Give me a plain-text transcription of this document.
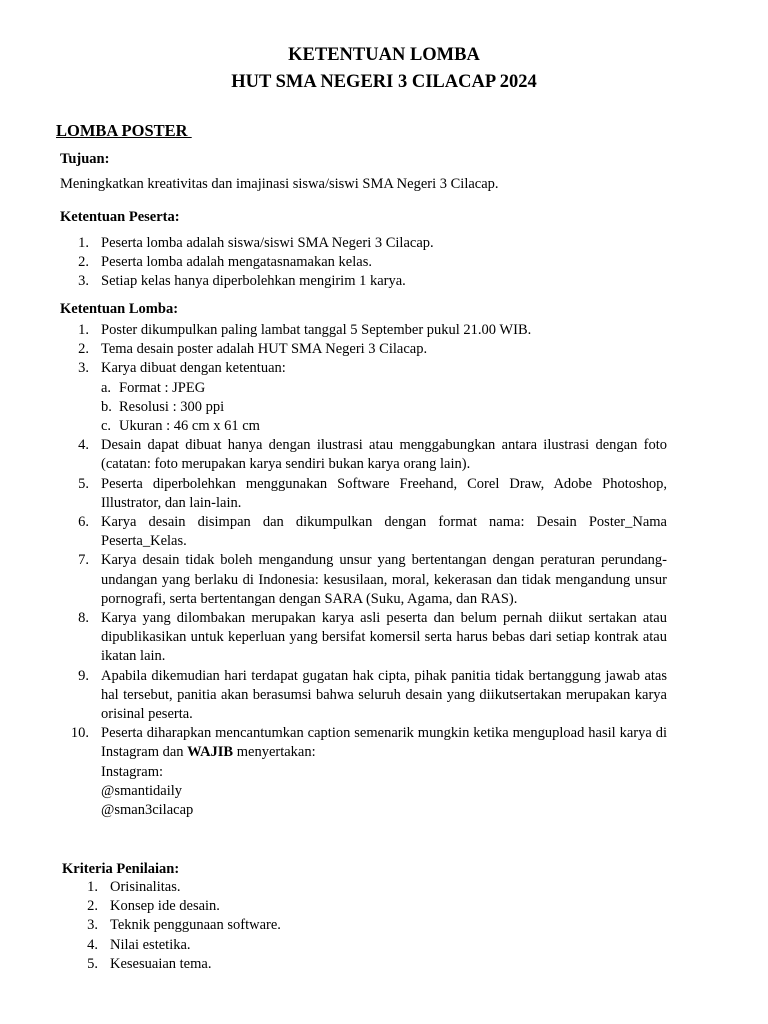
KETENTUAN LOMBA
HUT SMA NEGERI 3 CILACAP 2024
LOMBA POSTER
Tujuan:
Meningkatkan kreativitas dan imajinasi siswa/siswi SMA Negeri 3 Cilacap.
Ketentuan Peserta:
1. Peserta lomba adalah siswa/siswi SMA Negeri 3 Cilacap.
2. Peserta lomba adalah mengatasnamakan kelas.
3. Setiap kelas hanya diperbolehkan mengirim 1 karya.
Ketentuan Lomba:
1. Poster dikumpulkan paling lambat tanggal 5 September pukul 21.00 WIB.
2. Tema desain poster adalah HUT SMA Negeri 3 Cilacap.
3. Karya dibuat dengan ketentuan:
a. Format : JPEG
b. Resolusi : 300 ppi
c. Ukuran : 46 cm x 61 cm
4. Desain dapat dibuat hanya dengan ilustrasi atau menggabungkan antara ilustrasi dengan foto (catatan: foto merupakan karya sendiri bukan karya orang lain).
5. Peserta diperbolehkan menggunakan Software Freehand, Corel Draw, Adobe Photoshop, Illustrator, dan lain-lain.
6. Karya desain disimpan dan dikumpulkan dengan format nama: Desain Poster_Nama Peserta_Kelas.
7. Karya desain tidak boleh mengandung unsur yang bertentangan dengan peraturan perundang-undangan yang berlaku di Indonesia: kesusilaan, moral, kekerasan dan tidak mengandung unsur pornografi, serta bertentangan dengan SARA (Suku, Agama, dan RAS).
8. Karya yang dilombakan merupakan karya asli peserta dan belum pernah diikut sertakan atau dipublikasikan untuk keperluan yang bersifat komersil serta harus bebas dari setiap kontrak atau ikatan lain.
9. Apabila dikemudian hari terdapat gugatan hak cipta, pihak panitia tidak bertanggung jawab atas hal tersebut, panitia akan berasumsi bahwa seluruh desain yang diikutsertakan merupakan karya orisinal peserta.
10. Peserta diharapkan mencantumkan caption semenarik mungkin ketika mengupload hasil karya di Instagram dan WAJIB menyertakan:
Instagram:
@smantidaily
@sman3cilacap
Kriteria Penilaian:
1. Orisinalitas.
2. Konsep ide desain.
3. Teknik penggunaan software.
4. Nilai estetika.
5. Kesesuaian tema.
